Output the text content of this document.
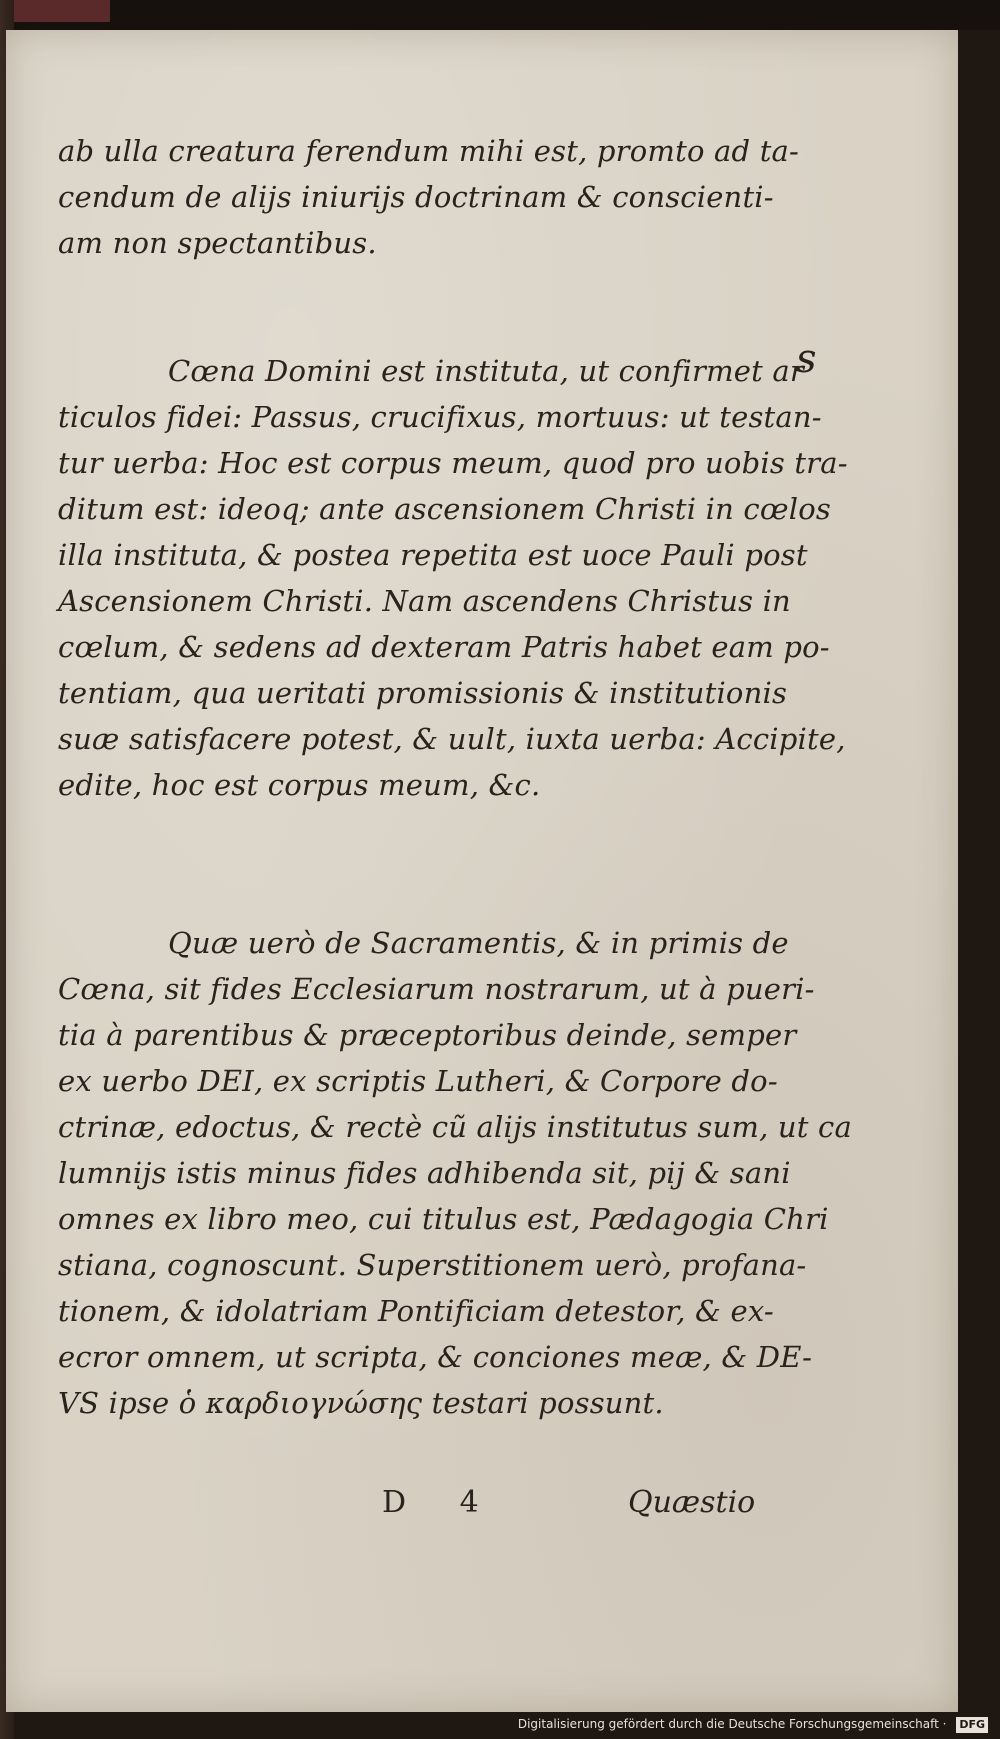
ab ulla creatura ferendum mihi est, promto ad ta-
cendum de alijs iniurijs doctrinam & conscienti-
am non spectantibus.
s
Cœna Domini est instituta, ut confirmet ar
ticulos fidei: Passus, crucifixus, mortuus: ut testan-
tur uerba: Hoc est corpus meum, quod pro uobis tra-
ditum est: ideoq; ante ascensionem Christi in cœlos
illa instituta, & postea repetita est uoce Pauli post
Ascensionem Christi. Nam ascendens Christus in
cœlum, & sedens ad dexteram Patris habet eam po-
tentiam, qua ueritati promissionis & institutionis
suæ satisfacere potest, & uult, iuxta uerba: Accipite,
edite, hoc est corpus meum, &c.
Quæ uerò de Sacramentis, & in primis de
Cœna, sit fides Ecclesiarum nostrarum, ut à pueri-
tia à parentibus & præceptoribus deinde, semper
ex uerbo DEI, ex scriptis Lutheri, & Corpore do-
ctrinæ, edoctus, & rectè cũ alijs institutus sum, ut ca
lumnijs istis minus fides adhibenda sit, pij & sani
omnes ex libro meo, cui titulus est, Pædagogia Chri
stiana, cognoscunt. Superstitionem uerò, profana-
tionem, & idolatriam Pontificiam detestor, & ex-
ecror omnem, ut scripta, & conciones meæ, & DE-
VS ipse ὁ καρδιογνώσης testari possunt.
D 4	Quæstio
Digitalisierung gefördert durch die Deutsche Forschungsgemeinschaft · DFG
